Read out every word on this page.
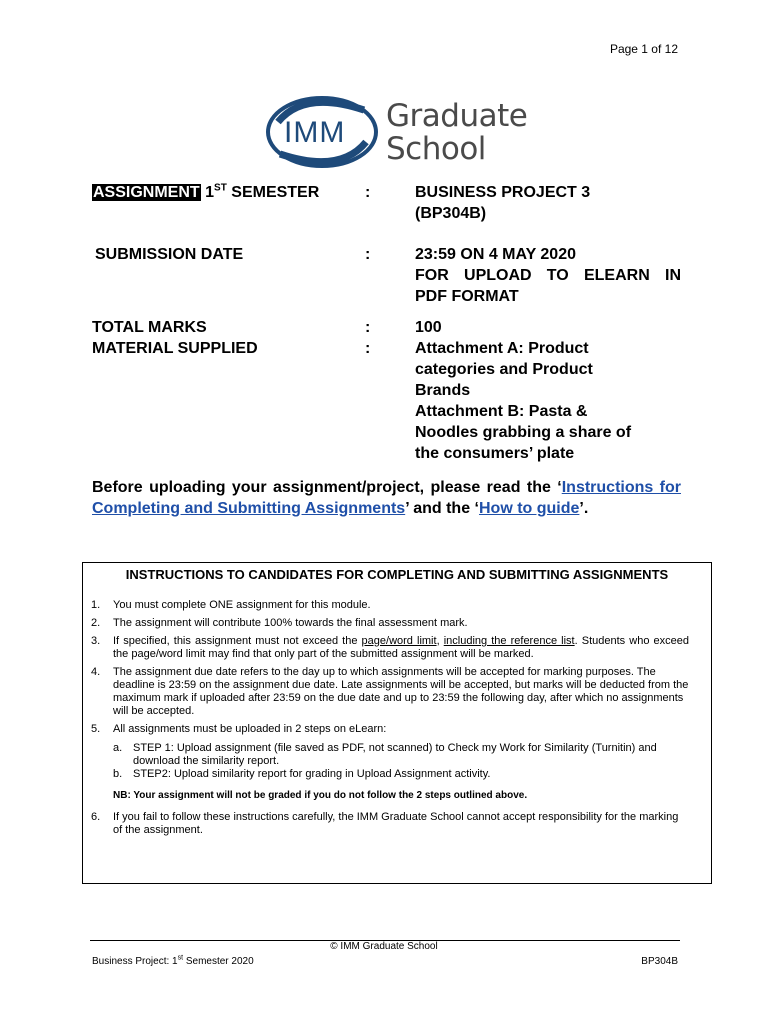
Page 1 of 12
IMM Graduate
School
ASSIGNMENT 1ST SEMESTER	:	BUSINESS PROJECT 3
(BP304B)
SUBMISSION DATE	:	23:59 ON 4 MAY 2020
FOR UPLOAD TO ELEARN IN
PDF FORMAT
TOTAL MARKS	:	100
MATERIAL SUPPLIED	:	Attachment A: Product
categories and Product
Brands
Attachment B: Pasta &
Noodles grabbing a share of
the consumers’ plate
Before uploading your assignment/project, please read the ‘Instructions for Completing and Submitting Assignments’ and the ‘How to guide’.
INSTRUCTIONS TO CANDIDATES FOR COMPLETING AND SUBMITTING ASSIGNMENTS
1. You must complete ONE assignment for this module.
2. The assignment will contribute 100% towards the final assessment mark.
3. If specified, this assignment must not exceed the page/word limit, including the reference list. Students who exceed the page/word limit may find that only part of the submitted assignment will be marked.
4. The assignment due date refers to the day up to which assignments will be accepted for marking purposes. The deadline is 23:59 on the assignment due date. Late assignments will be accepted, but marks will be deducted from the maximum mark if uploaded after 23:59 on the due date and up to 23:59 the following day, after which no assignments will be accepted.
5. All assignments must be uploaded in 2 steps on eLearn:
a. STEP 1: Upload assignment (file saved as PDF, not scanned) to Check my Work for Similarity (Turnitin) and download the similarity report.
b. STEP2: Upload similarity report for grading in Upload Assignment activity.
NB: Your assignment will not be graded if you do not follow the 2 steps outlined above.
6. If you fail to follow these instructions carefully, the IMM Graduate School cannot accept responsibility for the marking of the assignment.
© IMM Graduate School
Business Project: 1st Semester 2020	BP304B
